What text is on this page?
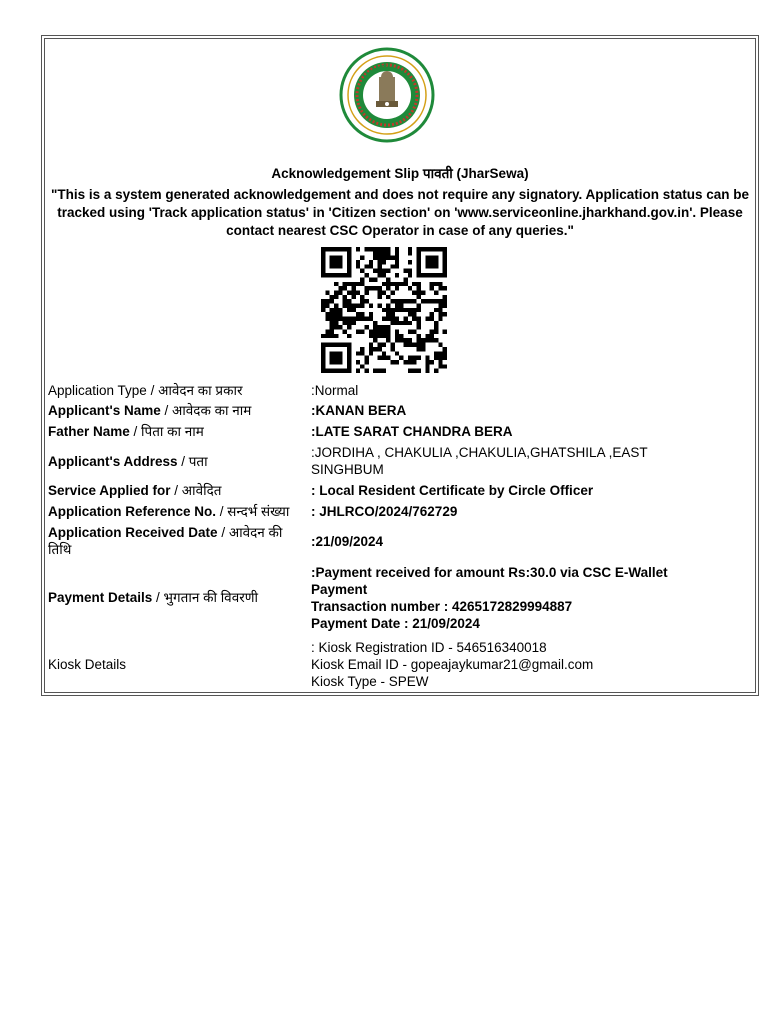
Acknowledgement Slip पावती (JharSewa)
"This is a system generated acknowledgement and does not require any signatory. Application status can be tracked using 'Track application status' in 'Citizen section' on 'www.serviceonline.jharkhand.gov.in'. Please contact nearest CSC Operator in case of any queries."
Application Type / आवेदन का प्रकार	:Normal
Applicant's Name / आवेदक का नाम	:KANAN BERA
Father Name / पिता का नाम	:LATE SARAT CHANDRA BERA
Applicant's Address / पता	:JORDIHA , CHAKULIA ,CHAKULIA,GHATSHILA ,EAST
SINGHBUM

Service Applied for / आवेदित	: Local Resident Certificate by Circle Officer
Application Reference No. / सन्दर्भ संख्या	: JHLRCO/2024/762729
Application Received Date / आवेदन की तिथि	:21/09/2024
Payment Details / भुगतान की विवरणी	:Payment received for amount Rs:30.0 via CSC E-Wallet
Payment
Transaction number : 4265172829994887
Payment Date : 21/09/2024

Kiosk Details	: Kiosk Registration ID - 546516340018
Kiosk Email ID - gopeajaykumar21@gmail.com
Kiosk Type - SPEW
